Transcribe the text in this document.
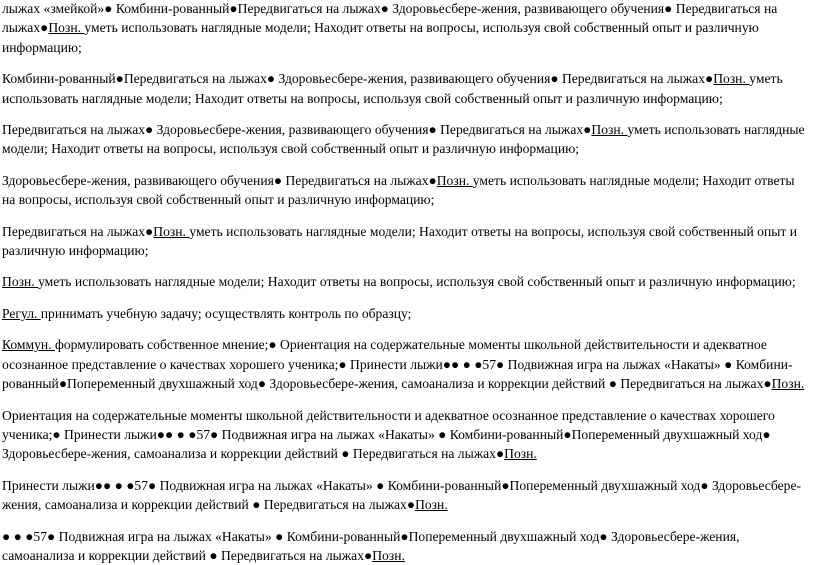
лыжах «змейкой»● Комбини-рованный●Передвигаться на лыжах● Здоровьесбере-жения, развивающего обучения● Передвигаться на лыжах●Позн. уметь использовать наглядные модели; Находит ответы на вопросы, используя свой собственный опыт и различную информацию;

Комбини-рованный●Передвигаться на лыжах● Здоровьесбере-жения, развивающего обучения● Передвигаться на лыжах●Позн. уметь использовать наглядные модели; Находит ответы на вопросы, используя свой собственный опыт и различную информацию;

Передвигаться на лыжах● Здоровьесбере-жения, развивающего обучения● Передвигаться на лыжах●Позн. уметь использовать наглядные модели; Находит ответы на вопросы, используя свой собственный опыт и различную информацию;

Здоровьесбере-жения, развивающего обучения● Передвигаться на лыжах●Позн. уметь использовать наглядные модели; Находит ответы на вопросы, используя свой собственный опыт и различную информацию;

Передвигаться на лыжах●Позн. уметь использовать наглядные модели; Находит ответы на вопросы, используя свой собственный опыт и различную информацию;

Позн. уметь использовать наглядные модели; Находит ответы на вопросы, используя свой собственный опыт и различную информацию;

Регул. принимать учебную задачу; осуществлять контроль по образцу;

Коммун. формулировать собственное мнение;● Ориентация на содержательные моменты школьной действительности и адекватное осознанное представление о качествах хорошего ученика;● Принести лыжи●● ● ●57● Подвижная игра на лыжах «Накаты» ● Комбини-рованный●Попеременный двухшажный ход● Здоровьесбере-жения, самоанализа и коррекции действий ● Передвигаться на лыжах●Позн.

Ориентация на содержательные моменты школьной действительности и адекватное осознанное представление о качествах хорошего ученика;● Принести лыжи●● ● ●57● Подвижная игра на лыжах «Накаты» ● Комбини-рованный●Попеременный двухшажный ход● Здоровьесбере-жения, самоанализа и коррекции действий ● Передвигаться на лыжах●Позн.

Принести лыжи●● ● ●57● Подвижная игра на лыжах «Накаты» ● Комбини-рованный●Попеременный двухшажный ход● Здоровьесбере-жения, самоанализа и коррекции действий ● Передвигаться на лыжах●Позн.

● ● ●57● Подвижная игра на лыжах «Накаты» ● Комбини-рованный●Попеременный двухшажный ход● Здоровьесбере-жения, самоанализа и коррекции действий ● Передвигаться на лыжах●Позн.
